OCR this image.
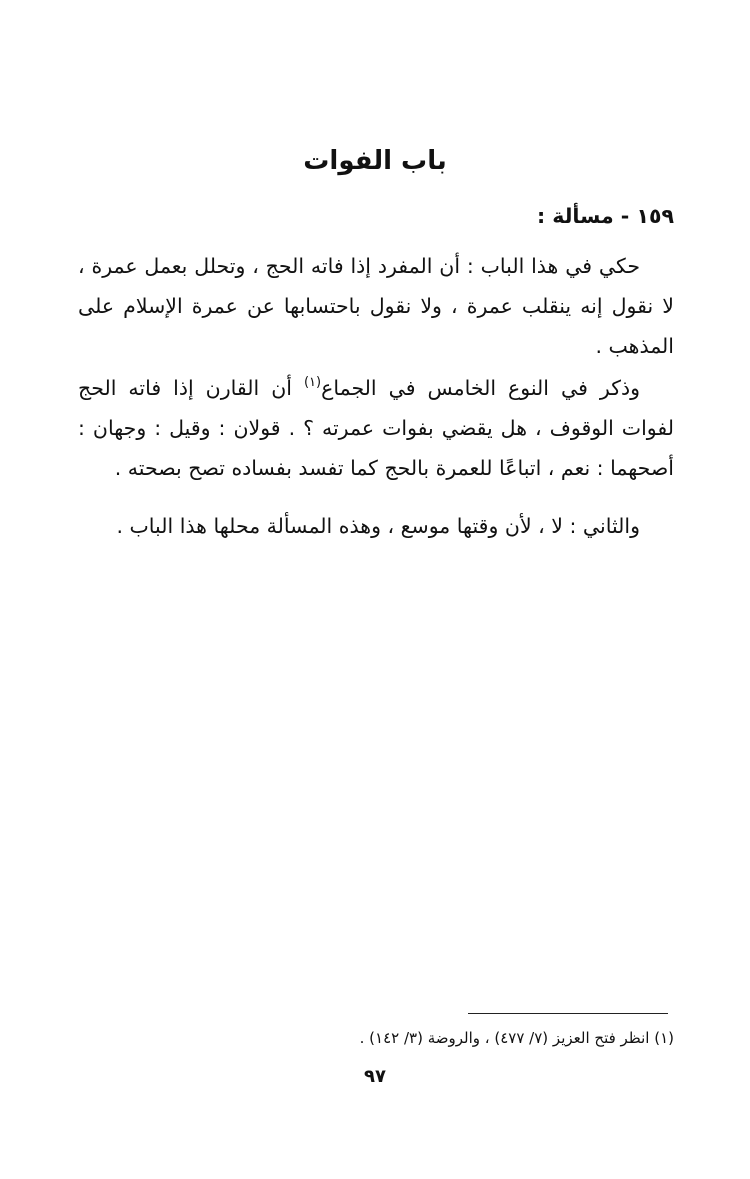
باب الفوات
١٥٩ - مسألة :
حكي في هذا الباب : أن المفرد إذا فاته الحج ، وتحلل بعمل عمرة ، لا نقول إنه ينقلب عمرة ، ولا نقول باحتسابها عن عمرة الإسلام على المذهب .
وذكر في النوع الخامس في الجماع$^{(١)}$ أن القارن إذا فاته الحج لفوات الوقوف ، هل يقضي بفوات عمرته ؟ . قولان : وقيل : وجهان : أصحهما : نعم ، اتباعًا للعمرة بالحج كما تفسد بفساده تصح بصحته .
والثاني : لا ، لأن وقتها موسع ، وهذه المسألة محلها هذا الباب .
(١) انظر فتح العزيز (٧/ ٤٧٧) ، والروضة (٣/ ١٤٢) .
٩٧
